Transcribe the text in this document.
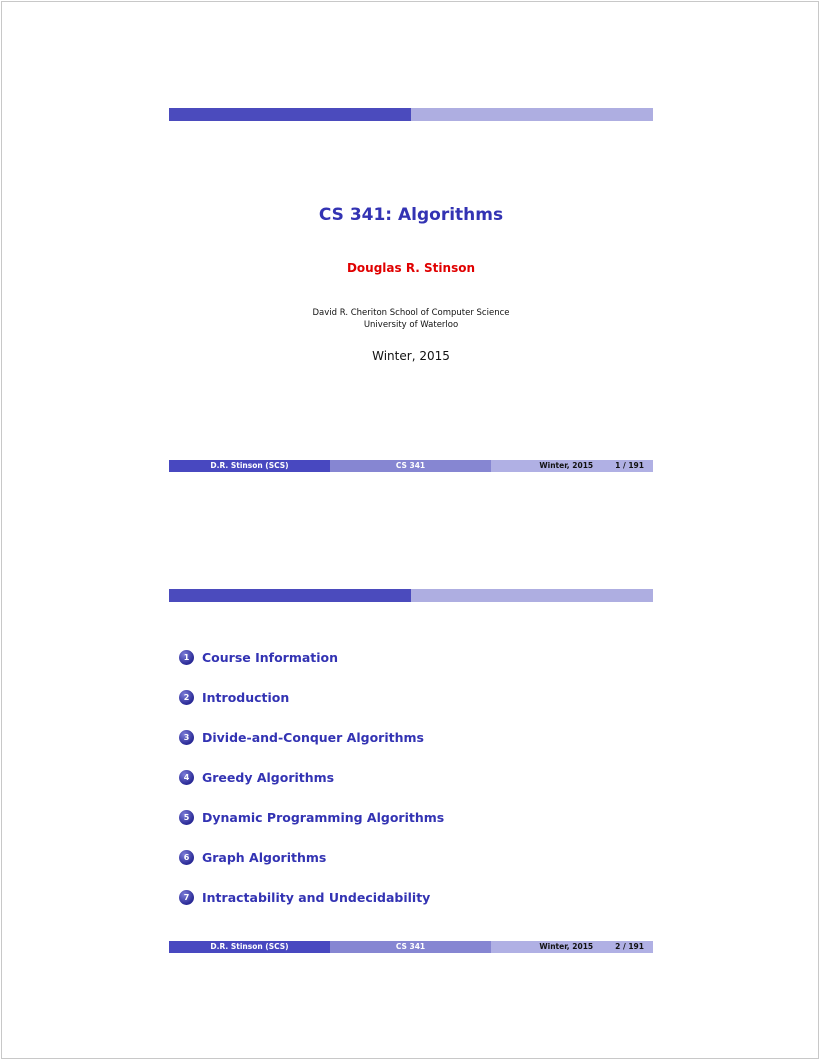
CS 341: Algorithms
Douglas R. Stinson
David R. Cheriton School of Computer Science
University of Waterloo
Winter, 2015
D.R. Stinson (SCS)	CS 341	Winter, 2015	1 / 191
1	Course Information
2	Introduction
3	Divide-and-Conquer Algorithms
4	Greedy Algorithms
5	Dynamic Programming Algorithms
6	Graph Algorithms
7	Intractability and Undecidability
D.R. Stinson (SCS)	CS 341	Winter, 2015	2 / 191
